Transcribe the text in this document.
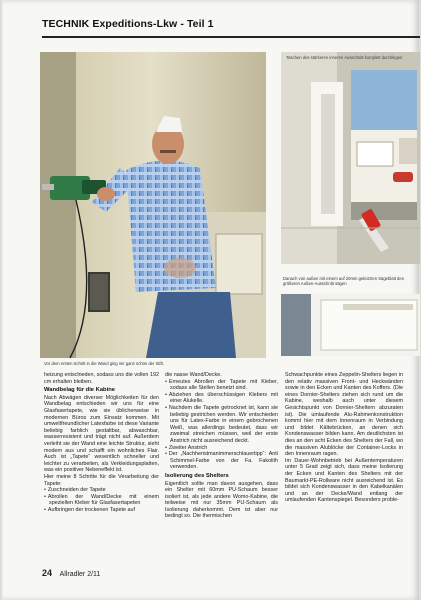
TECHNIK Expeditions-Lkw - Teil 1
Vor dem ersten Schritt in die Wand ging mir ganz schön der Stift.
Taschen des stärkeren inneren Ausschnitt komplett durchlegen
Danach von außen mit einem auf 20mm gekürzten Sägeblatt den größeren Außen-Ausschnitt sägen

heizung entschieden, sodass uns die vollen 192 cm erhalten bleiben.

Wandbelag für die Kabine

Nach Abwägen diverser Möglichkeiten für den Wandbelag entschieden wir uns für eine Glasfasertapete, wie sie üblicherweise in modernen Büros zum Einsatz kommen. Mit umweltfreundlicher Latexfarbe ist diese Variante beliebig farblich gestaltbar, abwaschbar, wasserresistent und trägt nicht auf. Außerdem verleiht sie der Wand eine leichte Struktur, sieht modern aus und schafft ein wohnliches Flair. Auch ist „Tapete“ wesentlich schneller und leichter zu verarbeiten, als Verkleidungsplatten, was ein positiver Nebeneffekt ist.

Hier meine 8 Schritte für die Verarbeitung der Tapete:

• Zuschneiden der Tapete
• Abrollen der Wand/Decke mit einem speziellen Kleber für Glasfasertapeten
• Aufbringen der trockenen Tapete auf

die nasse Wand/Decke.

• Erneutes Abrollen der Tapete mit Kleber, sodass alle Stellen benetzt sind.
• Abziehen des überschüssigen Klebers mit einer Alukelle.
• Nachdem die Tapete getrocknet ist, kann sie beliebig gestrichen werden. Wir entschieden uns für Latex-Farbe in einem gebrochenen Weiß, was allerdings bedeutet, dass wir zweimal streichen müssen, weil der erste Anstrich nicht ausreichend deckt.
• Zweiter Anstrich
• Der „Nachheristmanimmerschlauertipp“: Anti Schimmel-Farbe von der Fa. Fakolith verwenden.
Isolierung des Shelters

Eigentlich sollte man davon ausgehen, dass ein Shelter mit 60mm PU-Schaum besser isoliert ist, als jede andere Womo-Kabine, die teilweise mit nur 35mm PU-Schaum als Isolierung daherkommt. Dem ist aber nur bedingt so. Die thermischen

Schwachpunkte eines Zeppelin-Shelters liegen in den relativ massiven Front- und Heckwänden sowie in den Ecken und Kanten des Koffers. (Die eines Dornier-Shelters ziehen sich rund um die Kabine, weshalb auch unter diesem Gesichtspunkt von Dornier-Sheltern abzuraten ist). Die umlaufende Alu-Rahmenkonstruktion kommt hier mit dem Innenraum in Verbindung und bildet Kältebrücken, an denen sich Kondenswasser bilden kann. Am deutlichsten ist dies an den acht Ecken des Shelters der Fall, wo die massiven Alublöcke der Container-Locks in den Innenraum ragen.

Im Dauer-Wohnbetrieb bei Außentemperaturen unter 5 Grad zeigt sich, dass meine Isolierung der Ecken und Kanten des Shelters mit der Baumarkt-PE-Rollware nicht ausreichend ist. Es bildet sich Kondenswasser in den Kabelkanälen und an der Decke/Wand entlang der umlaufenden Kantenspiegel. Besonders proble-

24 Allradler 2/11
